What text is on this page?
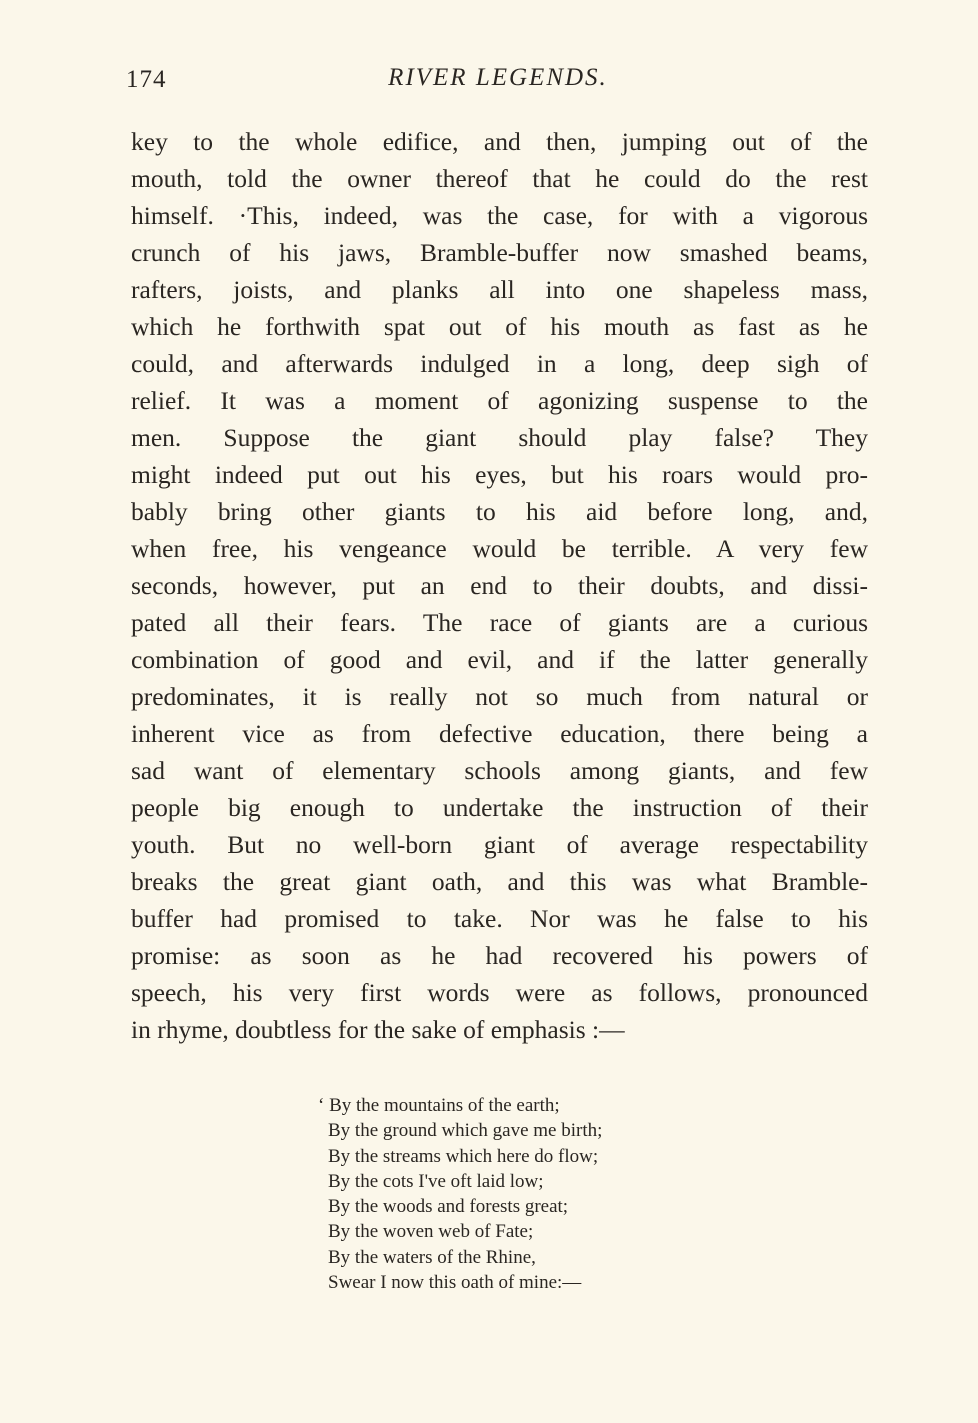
174	RIVER LEGENDS.
key to the whole edifice, and then, jumping out of the
mouth, told the owner thereof that he could do the rest
himself. ·This, indeed, was the case, for with a vigorous
crunch of his jaws, Bramble-buffer now smashed beams,
rafters, joists, and planks all into one shapeless mass,
which he forthwith spat out of his mouth as fast as he
could, and afterwards indulged in a long, deep sigh of
relief. It was a moment of agonizing suspense to the
men. Suppose the giant should play false? They
might indeed put out his eyes, but his roars would pro-
bably bring other giants to his aid before long, and,
when free, his vengeance would be terrible. A very few
seconds, however, put an end to their doubts, and dissi-
pated all their fears. The race of giants are a curious
combination of good and evil, and if the latter generally
predominates, it is really not so much from natural or
inherent vice as from defective education, there being a
sad want of elementary schools among giants, and few
people big enough to undertake the instruction of their
youth. But no well-born giant of average respectability
breaks the great giant oath, and this was what Bramble-
buffer had promised to take. Nor was he false to his
promise: as soon as he had recovered his powers of
speech, his very first words were as follows, pronounced
in rhyme, doubtless for the sake of emphasis :—
‘ By the mountains of the earth;
By the ground which gave me birth;
By the streams which here do flow;
By the cots I've oft laid low;
By the woods and forests great;
By the woven web of Fate;
By the waters of the Rhine,
Swear I now this oath of mine:—
